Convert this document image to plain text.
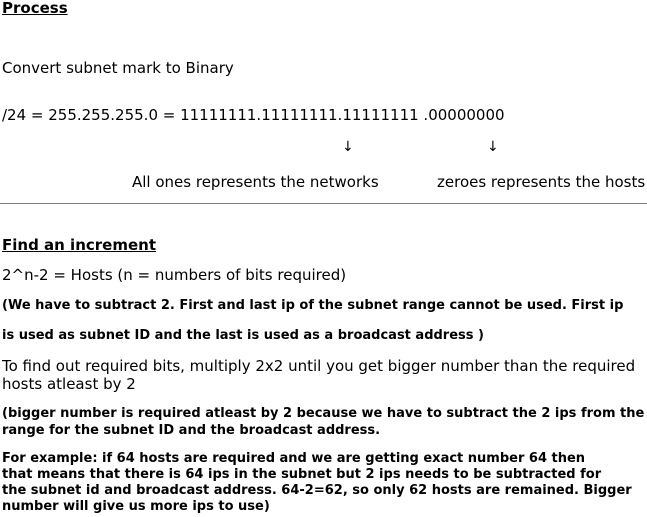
Process
Convert subnet mark to Binary
/24 = 255.255.255.0 = 11111111.11111111.11111111 .00000000
↓	↓
All ones represents the networks	zeroes represents the hosts
Find an increment
2^n-2 = Hosts (n = numbers of bits required)
(We have to subtract 2. First and last ip of the subnet range cannot be used. First ip
is used as subnet ID and the last is used as a broadcast address )
To find out required bits, multiply 2x2 until you get bigger number than the required
hosts atleast by 2
(bigger number is required atleast by 2 because we have to subtract the 2 ips from the
range for the subnet ID and the broadcast address.
For example: if 64 hosts are required and we are getting exact number 64 then
that means that there is 64 ips in the subnet but 2 ips needs to be subtracted for
the subnet id and broadcast address. 64-2=62, so only 62 hosts are remained. Bigger
number will give us more ips to use)
